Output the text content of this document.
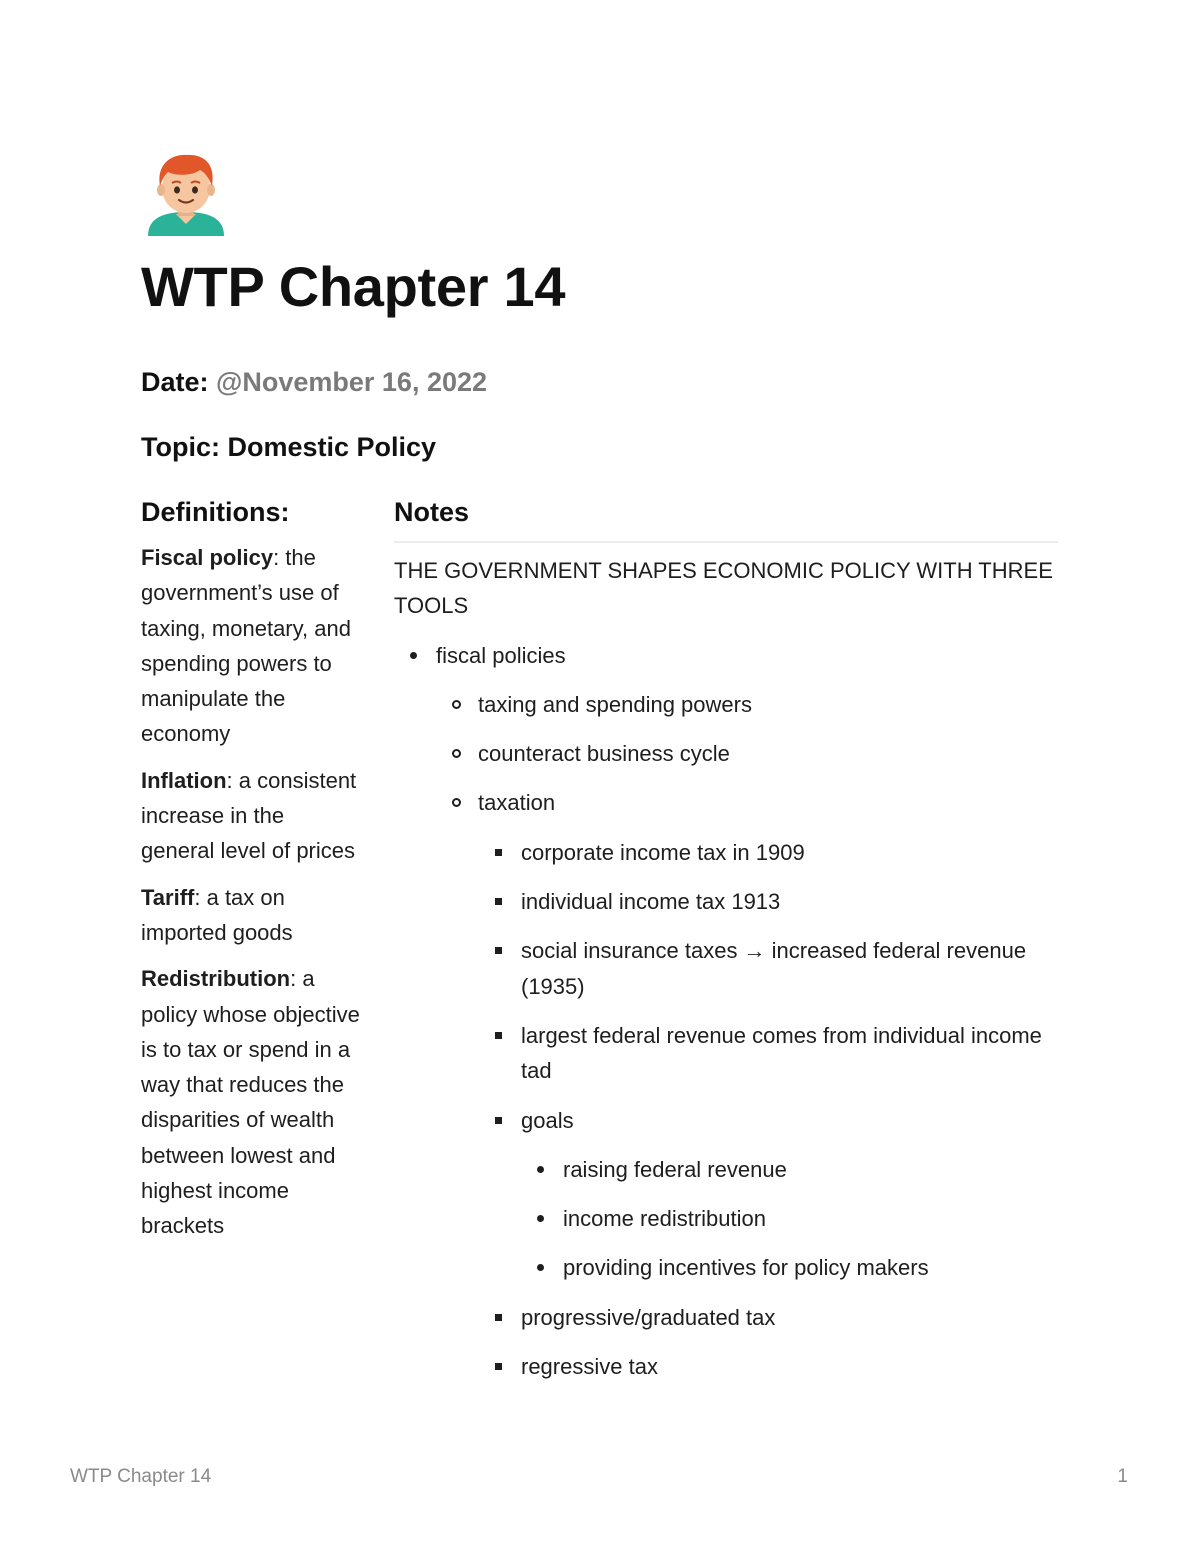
WTP Chapter 14

Date: @November 16, 2022

Topic: Domestic Policy

Definitions:	Notes

Fiscal policy: the government’s use of taxing, monetary, and spending powers to manipulate the economy

Inflation: a consistent increase in the general level of prices

Tariff: a tax on imported goods

Redistribution: a policy whose objective is to tax or spend in a way that reduces the disparities of wealth between lowest and highest income brackets

THE GOVERNMENT SHAPES ECONOMIC POLICY WITH THREE TOOLS

fiscal policies
taxing and spending powers
counteract business cycle
taxation
corporate income tax in 1909
individual income tax 1913
social insurance taxes → increased federal revenue (1935)
largest federal revenue comes from individual income tad
goals
raising federal revenue
income redistribution
providing incentives for policy makers
progressive/graduated tax
regressive tax
WTP Chapter 14	1
